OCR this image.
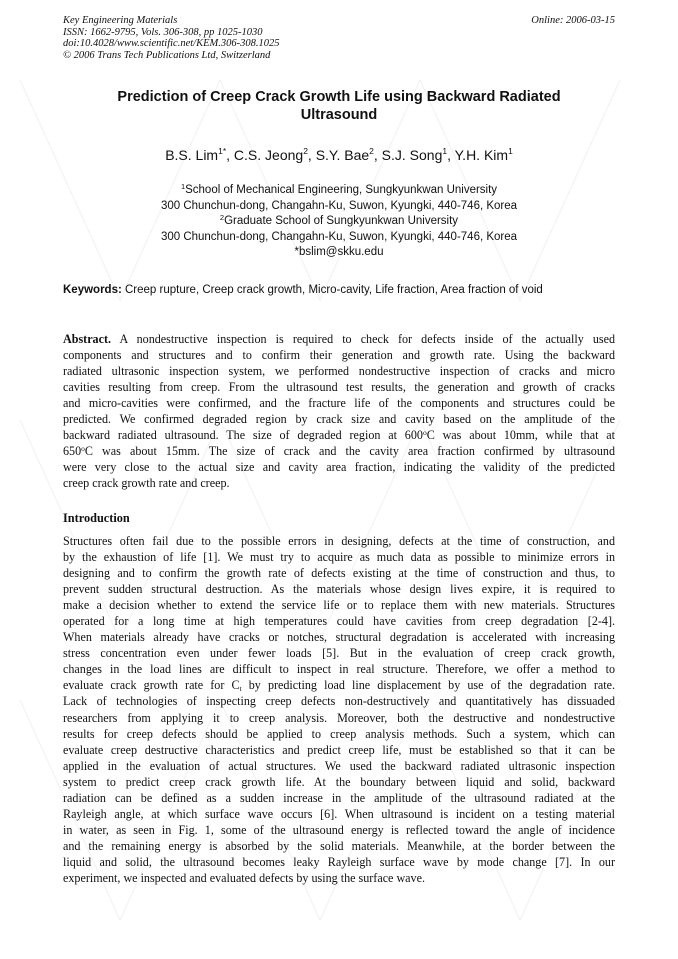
Key Engineering Materials
ISSN: 1662-9795, Vols. 306-308, pp 1025-1030
doi:10.4028/www.scientific.net/KEM.306-308.1025
© 2006 Trans Tech Publications Ltd, Switzerland
Online: 2006-03-15
Prediction of Creep Crack Growth Life using Backward Radiated
Ultrasound
B.S. Lim$^{1*}$, C.S. Jeong$^2$, S.Y. Bae$^2$, S.J. Song$^1$, Y.H. Kim$^1$
$^1$School of Mechanical Engineering, Sungkyunkwan University
300 Chunchun-dong, Changahn-Ku, Suwon, Kyungki, 440-746, Korea
$^2$Graduate School of Sungkyunkwan University
300 Chunchun-dong, Changahn-Ku, Suwon, Kyungki, 440-746, Korea
*bslim@skku.edu
Keywords: Creep rupture, Creep crack growth, Micro-cavity, Life fraction, Area fraction of void
Abstract. A nondestructive inspection is required to check for defects inside of the actually used
components and structures and to confirm their generation and growth rate. Using the backward
radiated ultrasonic inspection system, we performed nondestructive inspection of cracks and micro
cavities resulting from creep. From the ultrasound test results, the generation and growth of cracks
and micro-cavities were confirmed, and the fracture life of the components and structures could be
predicted. We confirmed degraded region by crack size and cavity based on the amplitude of the
backward radiated ultrasound. The size of degraded region at 600$^o$C was about 10mm, while that at
650$^o$C was about 15mm. The size of crack and the cavity area fraction confirmed by ultrasound
were very close to the actual size and cavity area fraction, indicating the validity of the predicted
creep crack growth rate and creep.
Introduction
Structures often fail due to the possible errors in designing, defects at the time of construction, and
by the exhaustion of life [1]. We must try to acquire as much data as possible to minimize errors in
designing and to confirm the growth rate of defects existing at the time of construction and thus, to
prevent sudden structural destruction. As the materials whose design lives expire, it is required to
make a decision whether to extend the service life or to replace them with new materials. Structures
operated for a long time at high temperatures could have cavities from creep degradation [2-4].
When materials already have cracks or notches, structural degradation is accelerated with increasing
stress concentration even under fewer loads [5]. But in the evaluation of creep crack growth,
changes in the load lines are difficult to inspect in real structure. Therefore, we offer a method to
evaluate crack growth rate for $C_t$ by predicting load line displacement by use of the degradation rate.
Lack of technologies of inspecting creep defects non-destructively and quantitatively has dissuaded
researchers from applying it to creep analysis. Moreover, both the destructive and nondestructive
results for creep defects should be applied to creep analysis methods. Such a system, which can
evaluate creep destructive characteristics and predict creep life, must be established so that it can be
applied in the evaluation of actual structures. We used the backward radiated ultrasonic inspection
system to predict creep crack growth life. At the boundary between liquid and solid, backward
radiation can be defined as a sudden increase in the amplitude of the ultrasound radiated at the
Rayleigh angle, at which surface wave occurs [6]. When ultrasound is incident on a testing material
in water, as seen in Fig. 1, some of the ultrasound energy is reflected toward the angle of incidence
and the remaining energy is absorbed by the solid materials. Meanwhile, at the border between the
liquid and solid, the ultrasound becomes leaky Rayleigh surface wave by mode change [7]. In our
experiment, we inspected and evaluated defects by using the surface wave.
